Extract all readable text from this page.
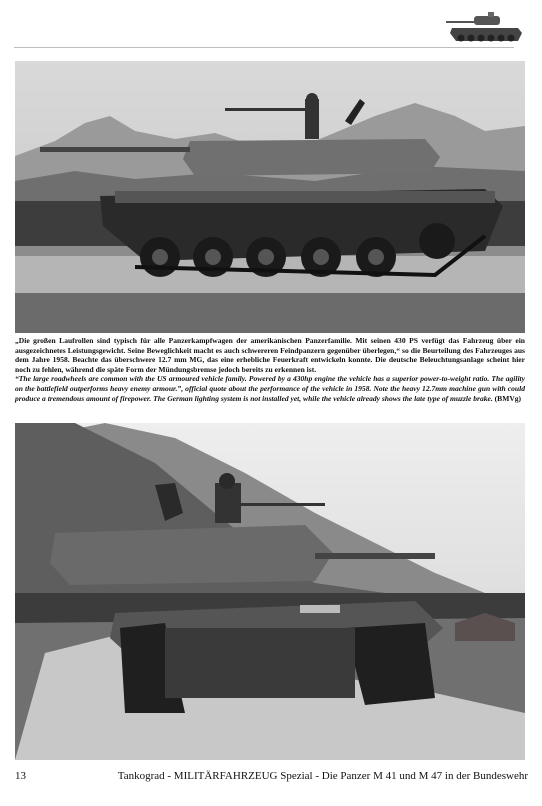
„Die großen Laufrollen sind typisch für alle Panzerkampfwagen der amerikanischen Panzerfamilie. Mit seinen 430 PS verfügt das Fahrzeug über ein ausgezeichnetes Leistungsgewicht. Seine Beweglichkeit macht es auch schwereren Feindpanzern gegenüber überlegen,“ so die Beurteilung des Fahrzeuges aus dem Jahre 1958. Beachte das überschwere 12.7 mm MG, das eine erhebliche Feuerkraft entwickeln konnte. Die deutsche Beleuchtungsanlage scheint hier noch zu fehlen, während die späte Form der Mündungsbremse jedoch bereits zu erkennen ist.

“The large roadwheels are common with the US armoured vehicle family. Powered by a 430hp engine the vehicle has a superior power-to-weight ratio. The agility on the battlefield outperforms heavy enemy armour.”, official quote about the performance of the vehicle in 1958. Note the heavy 12.7mm machine gun with could produce a tremendous amount of firepower. The German lighting system is not installed yet, while the vehicle already shows the late type of muzzle brake. (BMVg)

13	Tankograd - MILITÄRFAHRZEUG Spezial - Die Panzer M 41 und M 47 in der Bundeswehr
